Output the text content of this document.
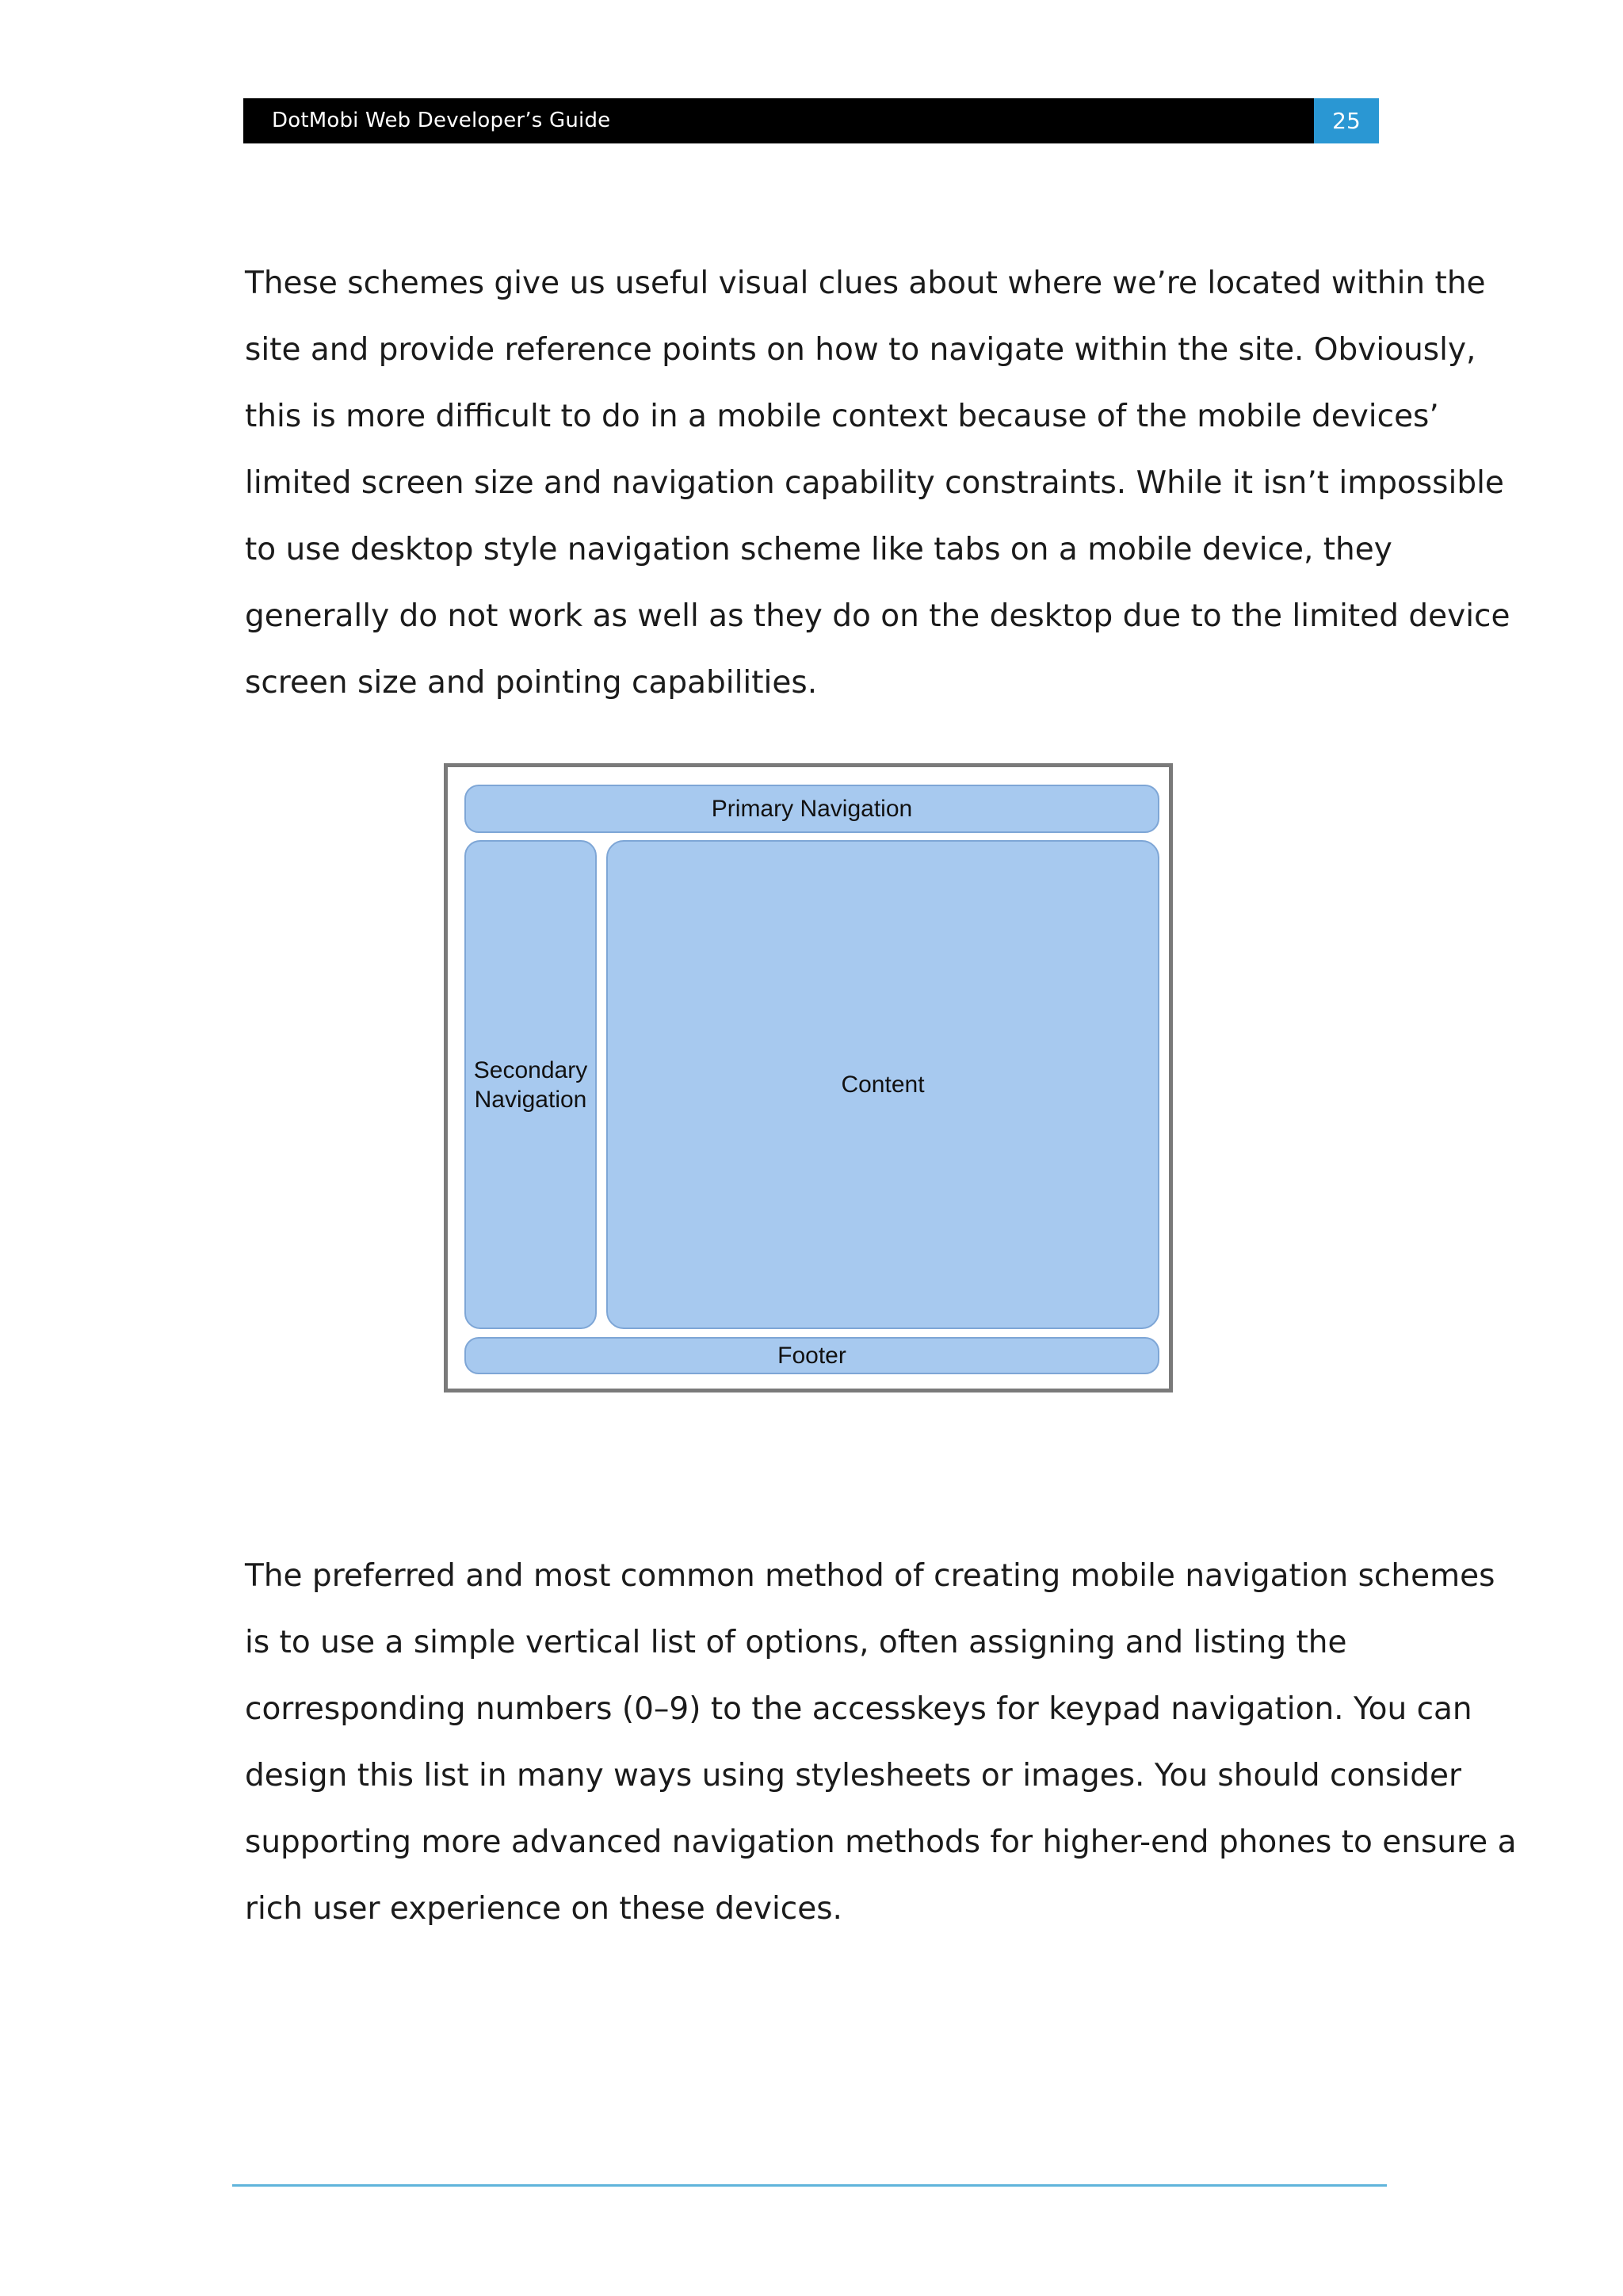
DotMobi Web Developer’s Guide	25

These schemes give us useful visual clues about where we’re located within the
site and provide reference points on how to navigate within the site. Obviously,
this is more difficult to do in a mobile context because of the mobile devices’
limited screen size and navigation capability constraints. While it isn’t impossible
to use desktop style navigation scheme like tabs on a mobile device, they
generally do not work as well as they do on the desktop due to the limited device
screen size and pointing capabilities.

Primary Navigation
Secondary
Navigation
Content
Footer

The preferred and most common method of creating mobile navigation schemes
is to use a simple vertical list of options, often assigning and listing the
corresponding numbers (0–9) to the accesskeys for keypad navigation. You can
design this list in many ways using stylesheets or images. You should consider
supporting more advanced navigation methods for higher-end phones to ensure a
rich user experience on these devices.
